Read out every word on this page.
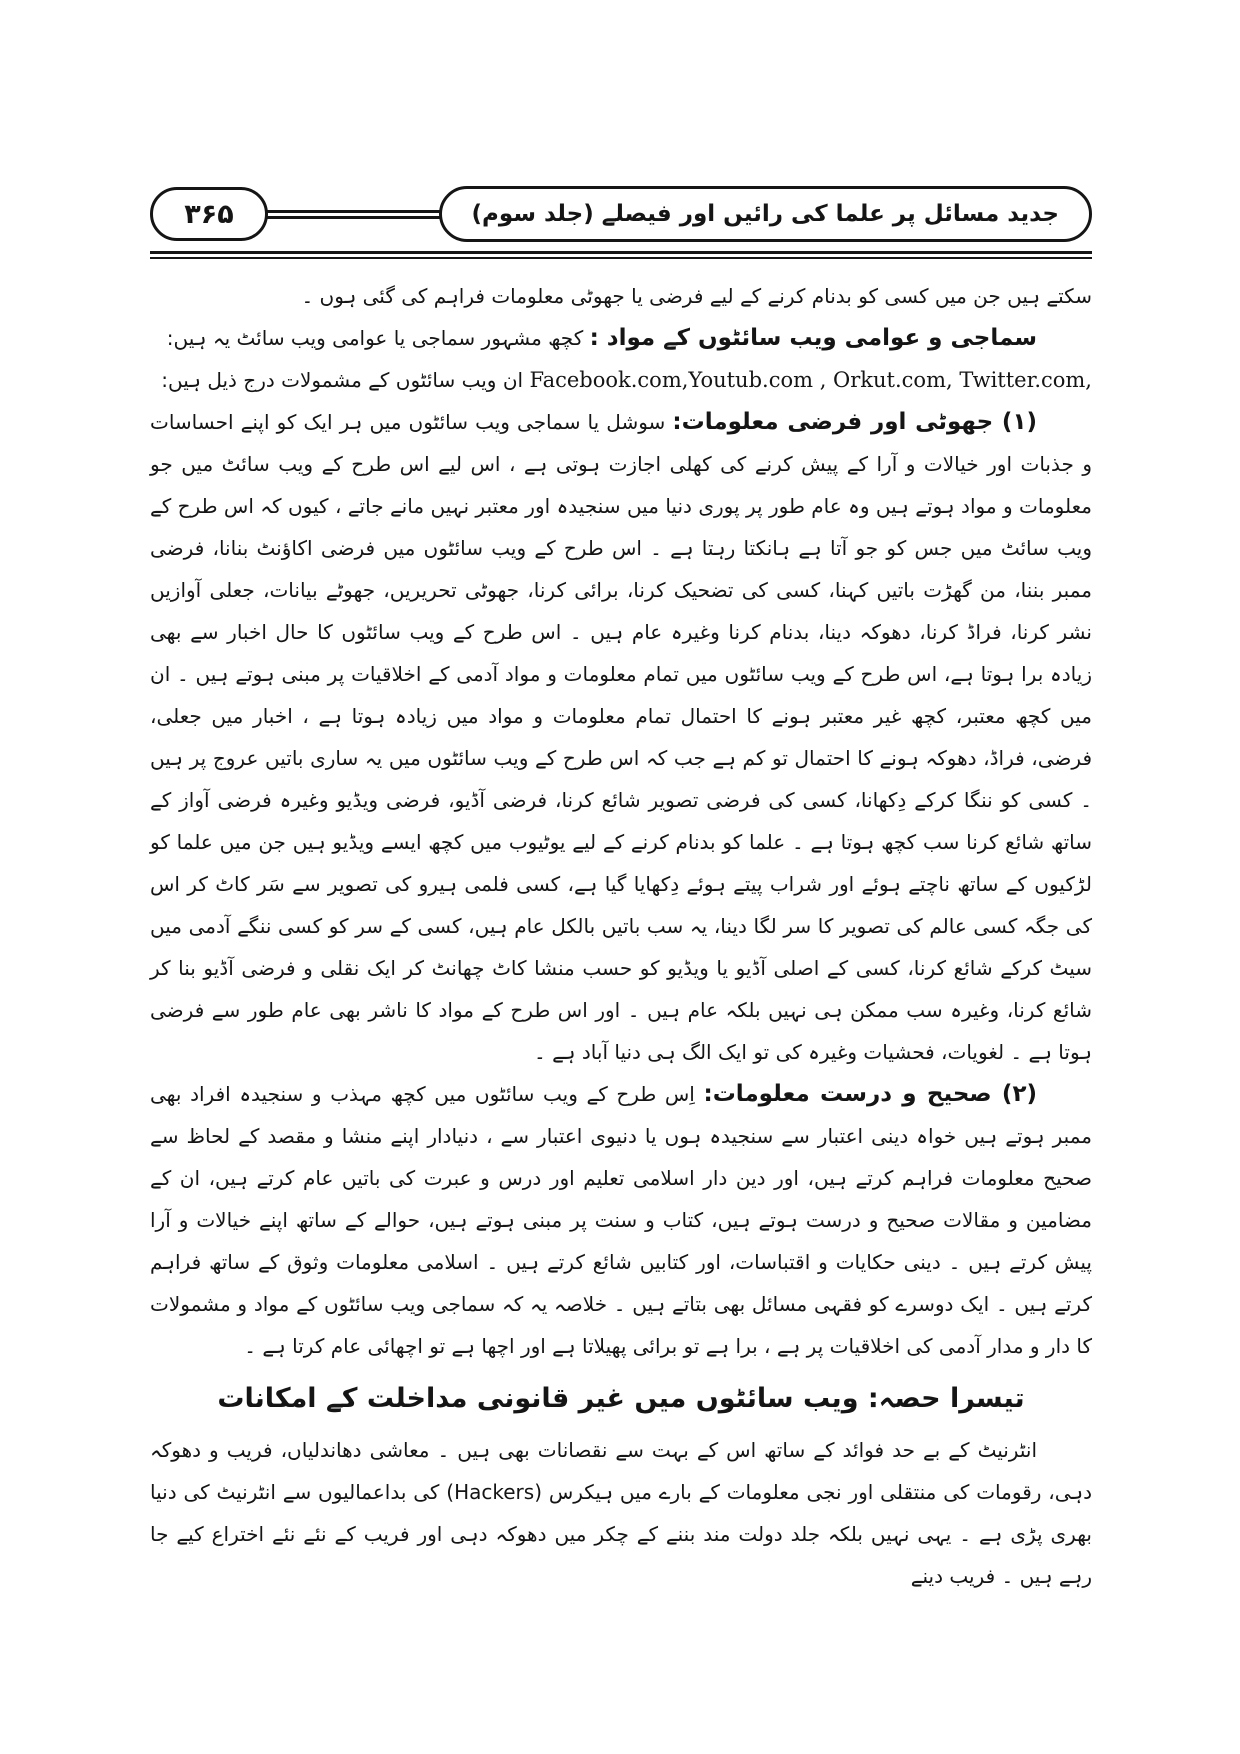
۳۶۵	جدید مسائل پر علما کی رائیں اور فیصلے (جلد سوم)

سکتے ہیں جن میں کسی کو بدنام کرنے کے لیے فرضی یا جھوٹی معلومات فراہم کی گئی ہوں ۔

سماجی و عوامی ویب سائٹوں کے مواد : کچھ مشہور سماجی یا عوامی ویب سائٹ یہ ہیں:

Facebook.com,Youtub.com , Orkut.com, Twitter.com, ان ویب سائٹوں کے مشمولات درج ذیل ہیں:

(۱) جھوٹی اور فرضی معلومات: سوشل یا سماجی ویب سائٹوں میں ہر ایک کو اپنے احساسات و جذبات اور خیالات و آرا کے پیش کرنے کی کھلی اجازت ہوتی ہے ، اس لیے اس طرح کے ویب سائٹ میں جو معلومات و مواد ہوتے ہیں وہ عام طور پر پوری دنیا میں سنجیدہ اور معتبر نہیں مانے جاتے ، کیوں کہ اس طرح کے ویب سائٹ میں جس کو جو آتا ہے ہانکتا رہتا ہے ۔ اس طرح کے ویب سائٹوں میں فرضی اکاؤنٹ بنانا، فرضی ممبر بننا، من گھڑت باتیں کہنا، کسی کی تضحیک کرنا، برائی کرنا، جھوٹی تحریریں، جھوٹے بیانات، جعلی آوازیں نشر کرنا، فراڈ کرنا، دھوکہ دینا، بدنام کرنا وغیرہ عام ہیں ۔ اس طرح کے ویب سائٹوں کا حال اخبار سے بھی زیادہ برا ہوتا ہے، اس طرح کے ویب سائٹوں میں تمام معلومات و مواد آدمی کے اخلاقیات پر مبنی ہوتے ہیں ۔ ان میں کچھ معتبر، کچھ غیر معتبر ہونے کا احتمال تمام معلومات و مواد میں زیادہ ہوتا ہے ، اخبار میں جعلی، فرضی، فراڈ، دھوکہ ہونے کا احتمال تو کم ہے جب کہ اس طرح کے ویب سائٹوں میں یہ ساری باتیں عروج پر ہیں ۔ کسی کو ننگا کرکے دِکھانا، کسی کی فرضی تصویر شائع کرنا، فرضی آڈیو، فرضی ویڈیو وغیرہ فرضی آواز کے ساتھ شائع کرنا سب کچھ ہوتا ہے ۔ علما کو بدنام کرنے کے لیے یوٹیوب میں کچھ ایسے ویڈیو ہیں جن میں علما کو لڑکیوں کے ساتھ ناچتے ہوئے اور شراب پیتے ہوئے دِکھایا گیا ہے، کسی فلمی ہیرو کی تصویر سے سَر کاٹ کر اس کی جگہ کسی عالم کی تصویر کا سر لگا دینا، یہ سب باتیں بالکل عام ہیں، کسی کے سر کو کسی ننگے آدمی میں سیٹ کرکے شائع کرنا، کسی کے اصلی آڈیو یا ویڈیو کو حسب منشا کاٹ چھانٹ کر ایک نقلی و فرضی آڈیو بنا کر شائع کرنا، وغیرہ سب ممکن ہی نہیں بلکہ عام ہیں ۔ اور اس طرح کے مواد کا ناشر بھی عام طور سے فرضی ہوتا ہے ۔ لغویات، فحشیات وغیرہ کی تو ایک الگ ہی دنیا آباد ہے ۔

(۲) صحیح و درست معلومات: اِس طرح کے ویب سائٹوں میں کچھ مہذب و سنجیدہ افراد بھی ممبر ہوتے ہیں خواہ دینی اعتبار سے سنجیدہ ہوں یا دنیوی اعتبار سے ، دنیادار اپنے منشا و مقصد کے لحاظ سے صحیح معلومات فراہم کرتے ہیں، اور دین دار اسلامی تعلیم اور درس و عبرت کی باتیں عام کرتے ہیں، ان کے مضامین و مقالات صحیح و درست ہوتے ہیں، کتاب و سنت پر مبنی ہوتے ہیں، حوالے کے ساتھ اپنے خیالات و آرا پیش کرتے ہیں ۔ دینی حکایات و اقتباسات، اور کتابیں شائع کرتے ہیں ۔ اسلامی معلومات وثوق کے ساتھ فراہم کرتے ہیں ۔ ایک دوسرے کو فقہی مسائل بھی بتاتے ہیں ۔ خلاصہ یہ کہ سماجی ویب سائٹوں کے مواد و مشمولات کا دار و مدار آدمی کی اخلاقیات پر ہے ، برا ہے تو برائی پھیلاتا ہے اور اچھا ہے تو اچھائی عام کرتا ہے ۔

تیسرا حصہ: ویب سائٹوں میں غیر قانونی مداخلت کے امکانات

انٹرنیٹ کے بے حد فوائد کے ساتھ اس کے بہت سے نقصانات بھی ہیں ۔ معاشی دھاندلیاں، فریب و دھوکہ دہی، رقومات کی منتقلی اور نجی معلومات کے بارے میں ہیکرس (Hackers) کی بداعمالیوں سے انٹرنیٹ کی دنیا بھری پڑی ہے ۔ یہی نہیں بلکہ جلد دولت مند بننے کے چکر میں دھوکہ دہی اور فریب کے نئے نئے اختراع کیے جا رہے ہیں ۔ فریب دینے
